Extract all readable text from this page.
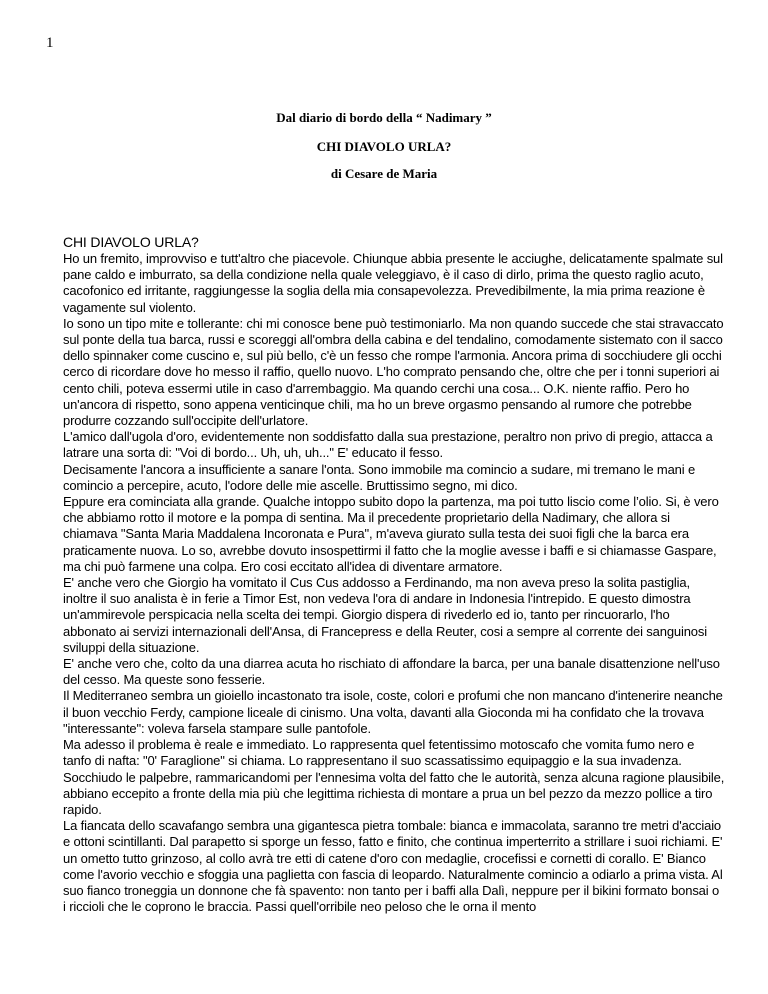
1
Dal diario di bordo della “ Nadimary ”
CHI DIAVOLO URLA?
di Cesare de Maria

CHI DIAVOLO URLA?

Ho un fremito, improvviso e tutt'altro che piacevole. Chiunque abbia presente le acciughe, delicatamente spalmate sul pane caldo e imburrato, sa della condizione nella quale veleggiavo, è il caso di dirlo, prima the questo raglio acuto, cacofonico ed irritante, raggiungesse la soglia della mia consapevolezza. Prevedibilmente, la mia prima reazione è vagamente sul violento.

Io sono un tipo mite e tollerante: chi mi conosce bene può testimoniarlo. Ma non quando succede che stai stravaccato sul ponte della tua barca, russi e scoreggi all'ombra della cabina e del tendalino, comodamente sistemato con il sacco dello spinnaker come cuscino e, sul più bello, c'è un fesso che rompe l'armonia. Ancora prima di socchiudere gli occhi cerco di ricordare dove ho messo il raffio, quello nuovo. L'ho comprato pensando che, oltre che per i tonni superiori ai cento chili, poteva essermi utile in caso d'arrembaggio. Ma quando cerchi una cosa... O.K. niente raffio. Pero ho un'ancora di rispetto, sono appena venticinque chili, ma ho un breve orgasmo pensando al rumore che potrebbe produrre cozzando sull'occipite dell'urlatore.

L'amico dall'ugola d'oro, evidentemente non soddisfatto dalla sua prestazione, peraltro non privo di pregio, attacca a latrare una sorta di: "Voi di bordo... Uh, uh, uh..." E' educato il fesso.

Decisamente l'ancora a insufficiente a sanare l'onta. Sono immobile ma comincio a sudare, mi tremano le mani e comincio a percepire, acuto, l'odore delle mie ascelle. Bruttissimo segno, mi dico.

Eppure era cominciata alla grande. Qualche intoppo subito dopo la partenza, ma poi tutto liscio come l’olio. Si, è vero che abbiamo rotto il motore e la pompa di sentina. Ma il precedente proprietario della Nadimary, che allora si chiamava "Santa Maria Maddalena Incoronata e Pura", m'aveva giurato sulla testa dei suoi figli che la barca era praticamente nuova. Lo so, avrebbe dovuto insospettirmi il fatto che la moglie avesse i baffi e si chiamasse Gaspare, ma chi può farmene una colpa. Ero cosi eccitato all'idea di diventare armatore.

E' anche vero che Giorgio ha vomitato il Cus Cus addosso a Ferdinando, ma non aveva preso la solita pastiglia, inoltre il suo analista è in ferie a Timor Est, non vedeva l'ora di andare in Indonesia l'intrepido. E questo dimostra un'ammirevole perspicacia nella scelta dei tempi. Giorgio dispera di rivederlo ed io, tanto per rincuorarlo, l'ho abbonato ai servizi internazionali dell'Ansa, di Francepress e della Reuter, cosi a sempre al corrente dei sanguinosi sviluppi della situazione.

E' anche vero che, colto da una diarrea acuta ho rischiato di affondare la barca, per una banale disattenzione nell'uso del cesso. Ma queste sono fesserie.

Il Mediterraneo sembra un gioiello incastonato tra isole, coste, colori e profumi che non mancano d'intenerire neanche il buon vecchio Ferdy, campione liceale di cinismo. Una volta, davanti alla Gioconda mi ha confidato che la trovava "interessante": voleva farsela stampare sulle pantofole.

Ma adesso il problema è reale e immediato. Lo rappresenta quel fetentissimo motoscafo che vomita fumo nero e tanfo di nafta: "0' Faraglione" si chiama. Lo rappresentano il suo scassatissimo equipaggio e la sua invadenza. Socchiudo le palpebre, rammaricandomi per l'ennesima volta del fatto che le autorità, senza alcuna ragione plausibile, abbiano eccepito a fronte della mia più che legittima richiesta di montare a prua un bel pezzo da mezzo pollice a tiro rapido.

La fiancata dello scavafango sembra una gigantesca pietra tombale: bianca e immacolata, saranno tre metri d'acciaio e ottoni scintillanti. Dal parapetto si sporge un fesso, fatto e finito, che continua imperterrito a strillare i suoi richiami. E' un ometto tutto grinzoso, al collo avrà tre etti di catene d'oro con medaglie, crocefissi e cornetti di corallo. E' Bianco come l'avorio vecchio e sfoggia una paglietta con fascia di leopardo. Naturalmente comincio a odiarlo a prima vista. Al suo fianco troneggia un donnone che fà spavento: non tanto per i baffi alla Dalì, neppure per il bikini formato bonsai o i riccioli che le coprono le braccia. Passi quell'orribile neo peloso che le orna il mento
